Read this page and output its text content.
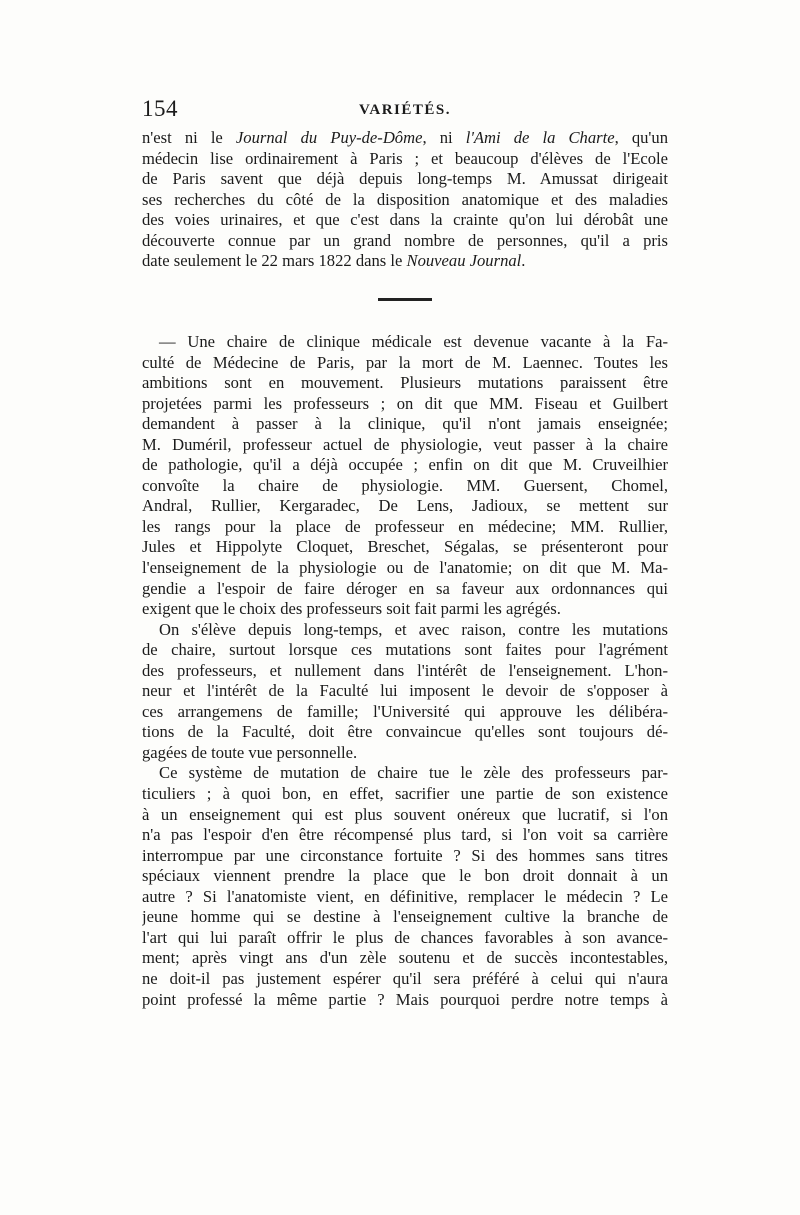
154	VARIÉTÉS.
n'est ni le Journal du Puy-de-Dôme, ni l'Ami de la Charte, qu'un
médecin lise ordinairement à Paris ; et beaucoup d'élèves de l'Ecole
de Paris savent que déjà depuis long-temps M. Amussat dirigeait
ses recherches du côté de la disposition anatomique et des maladies
des voies urinaires, et que c'est dans la crainte qu'on lui dérobât une
découverte connue par un grand nombre de personnes, qu'il a pris
date seulement le 22 mars 1822 dans le Nouveau Journal.
— Une chaire de clinique médicale est devenue vacante à la Fa-
culté de Médecine de Paris, par la mort de M. Laennec. Toutes les
ambitions sont en mouvement. Plusieurs mutations paraissent être
projetées parmi les professeurs ; on dit que MM. Fiseau et Guilbert
demandent à passer à la clinique, qu'il n'ont jamais enseignée;
M. Duméril, professeur actuel de physiologie, veut passer à la chaire
de pathologie, qu'il a déjà occupée ; enfin on dit que M. Cruveilhier
convoîte la chaire de physiologie. MM. Guersent, Chomel,
Andral, Rullier, Kergaradec, De Lens, Jadioux, se mettent sur
les rangs pour la place de professeur en médecine; MM. Rullier,
Jules et Hippolyte Cloquet, Breschet, Ségalas, se présenteront pour
l'enseignement de la physiologie ou de l'anatomie; on dit que M. Ma-
gendie a l'espoir de faire déroger en sa faveur aux ordonnances qui
exigent que le choix des professeurs soit fait parmi les agrégés.
On s'élève depuis long-temps, et avec raison, contre les mutations
de chaire, surtout lorsque ces mutations sont faites pour l'agrément
des professeurs, et nullement dans l'intérêt de l'enseignement. L'hon-
neur et l'intérêt de la Faculté lui imposent le devoir de s'opposer à
ces arrangemens de famille; l'Université qui approuve les délibéra-
tions de la Faculté, doit être convaincue qu'elles sont toujours dé-
gagées de toute vue personnelle.
Ce système de mutation de chaire tue le zèle des professeurs par-
ticuliers ; à quoi bon, en effet, sacrifier une partie de son existence
à un enseignement qui est plus souvent onéreux que lucratif, si l'on
n'a pas l'espoir d'en être récompensé plus tard, si l'on voit sa carrière
interrompue par une circonstance fortuite ? Si des hommes sans titres
spéciaux viennent prendre la place que le bon droit donnait à un
autre ? Si l'anatomiste vient, en définitive, remplacer le médecin ? Le
jeune homme qui se destine à l'enseignement cultive la branche de
l'art qui lui paraît offrir le plus de chances favorables à son avance-
ment; après vingt ans d'un zèle soutenu et de succès incontestables,
ne doit-il pas justement espérer qu'il sera préféré à celui qui n'aura
point professé la même partie ? Mais pourquoi perdre notre temps à
